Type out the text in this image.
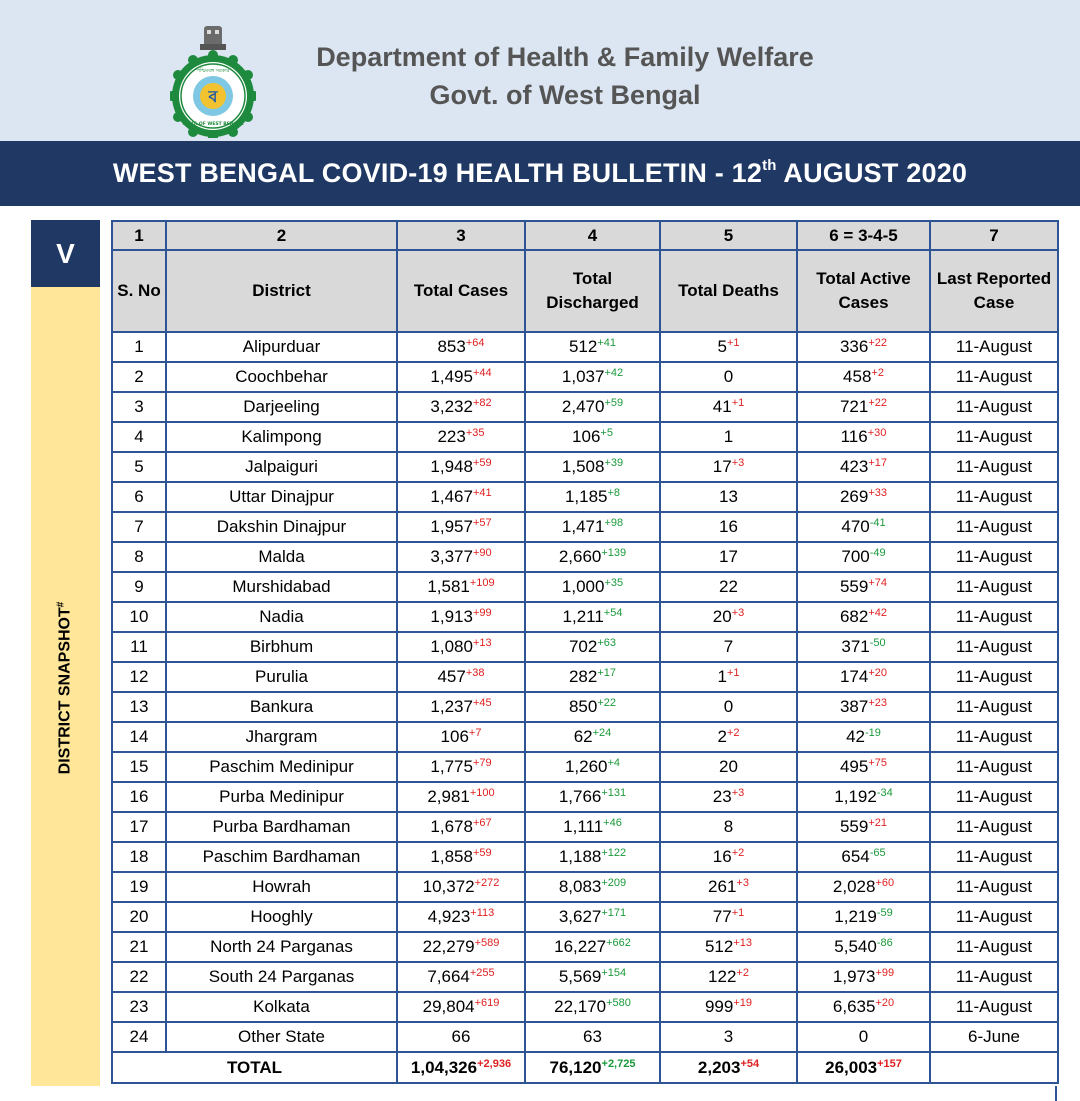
ব
পশ্চিমবঙ্গ সরকার
GOVT. OF WEST BENGAL
Department of Health & Family Welfare
Govt. of West Bengal
WEST BENGAL COVID-19 HEALTH BULLETIN - 12th AUGUST 2020
V
DISTRICT SNAPSHOT#
1	2	3	4	5	6 = 3-4-5	7
S. No	District	Total Cases	Total Discharged	Total Deaths	Total Active Cases	Last Reported Case
1	Alipurduar	$853^{+64}$	$512^{+41}$	$5^{+1}$	$336^{+22}$	11-August
2	Coochbehar	$1,495^{+44}$	$1,037^{+42}$	0	$458^{+2}$	11-August
3	Darjeeling	$3,232^{+82}$	$2,470^{+59}$	$41^{+1}$	$721^{+22}$	11-August
4	Kalimpong	$223^{+35}$	$106^{+5}$	1	$116^{+30}$	11-August
5	Jalpaiguri	$1,948^{+59}$	$1,508^{+39}$	$17^{+3}$	$423^{+17}$	11-August
6	Uttar Dinajpur	$1,467^{+41}$	$1,185^{+8}$	13	$269^{+33}$	11-August
7	Dakshin Dinajpur	$1,957^{+57}$	$1,471^{+98}$	16	$470^{-41}$	11-August
8	Malda	$3,377^{+90}$	$2,660^{+139}$	17	$700^{-49}$	11-August
9	Murshidabad	$1,581^{+109}$	$1,000^{+35}$	22	$559^{+74}$	11-August
10	Nadia	$1,913^{+99}$	$1,211^{+54}$	$20^{+3}$	$682^{+42}$	11-August
11	Birbhum	$1,080^{+13}$	$702^{+63}$	7	$371^{-50}$	11-August
12	Purulia	$457^{+38}$	$282^{+17}$	$1^{+1}$	$174^{+20}$	11-August
13	Bankura	$1,237^{+45}$	$850^{+22}$	0	$387^{+23}$	11-August
14	Jhargram	$106^{+7}$	$62^{+24}$	$2^{+2}$	$42^{-19}$	11-August
15	Paschim Medinipur	$1,775^{+79}$	$1,260^{+4}$	20	$495^{+75}$	11-August
16	Purba Medinipur	$2,981^{+100}$	$1,766^{+131}$	$23^{+3}$	$1,192^{-34}$	11-August
17	Purba Bardhaman	$1,678^{+67}$	$1,111^{+46}$	8	$559^{+21}$	11-August
18	Paschim Bardhaman	$1,858^{+59}$	$1,188^{+122}$	$16^{+2}$	$654^{-65}$	11-August
19	Howrah	$10,372^{+272}$	$8,083^{+209}$	$261^{+3}$	$2,028^{+60}$	11-August
20	Hooghly	$4,923^{+113}$	$3,627^{+171}$	$77^{+1}$	$1,219^{-59}$	11-August
21	North 24 Parganas	$22,279^{+589}$	$16,227^{+662}$	$512^{+13}$	$5,540^{-86}$	11-August
22	South 24 Parganas	$7,664^{+255}$	$5,569^{+154}$	$122^{+2}$	$1,973^{+99}$	11-August
23	Kolkata	$29,804^{+619}$	$22,170^{+580}$	$999^{+19}$	$6,635^{+20}$	11-August
24	Other State	66	63	3	0	6-June
TOTAL		$1,04,326^{+2,936}$	$76,120^{+2,725}$	$2,203^{+54}$	$26,003^{+157}$	
